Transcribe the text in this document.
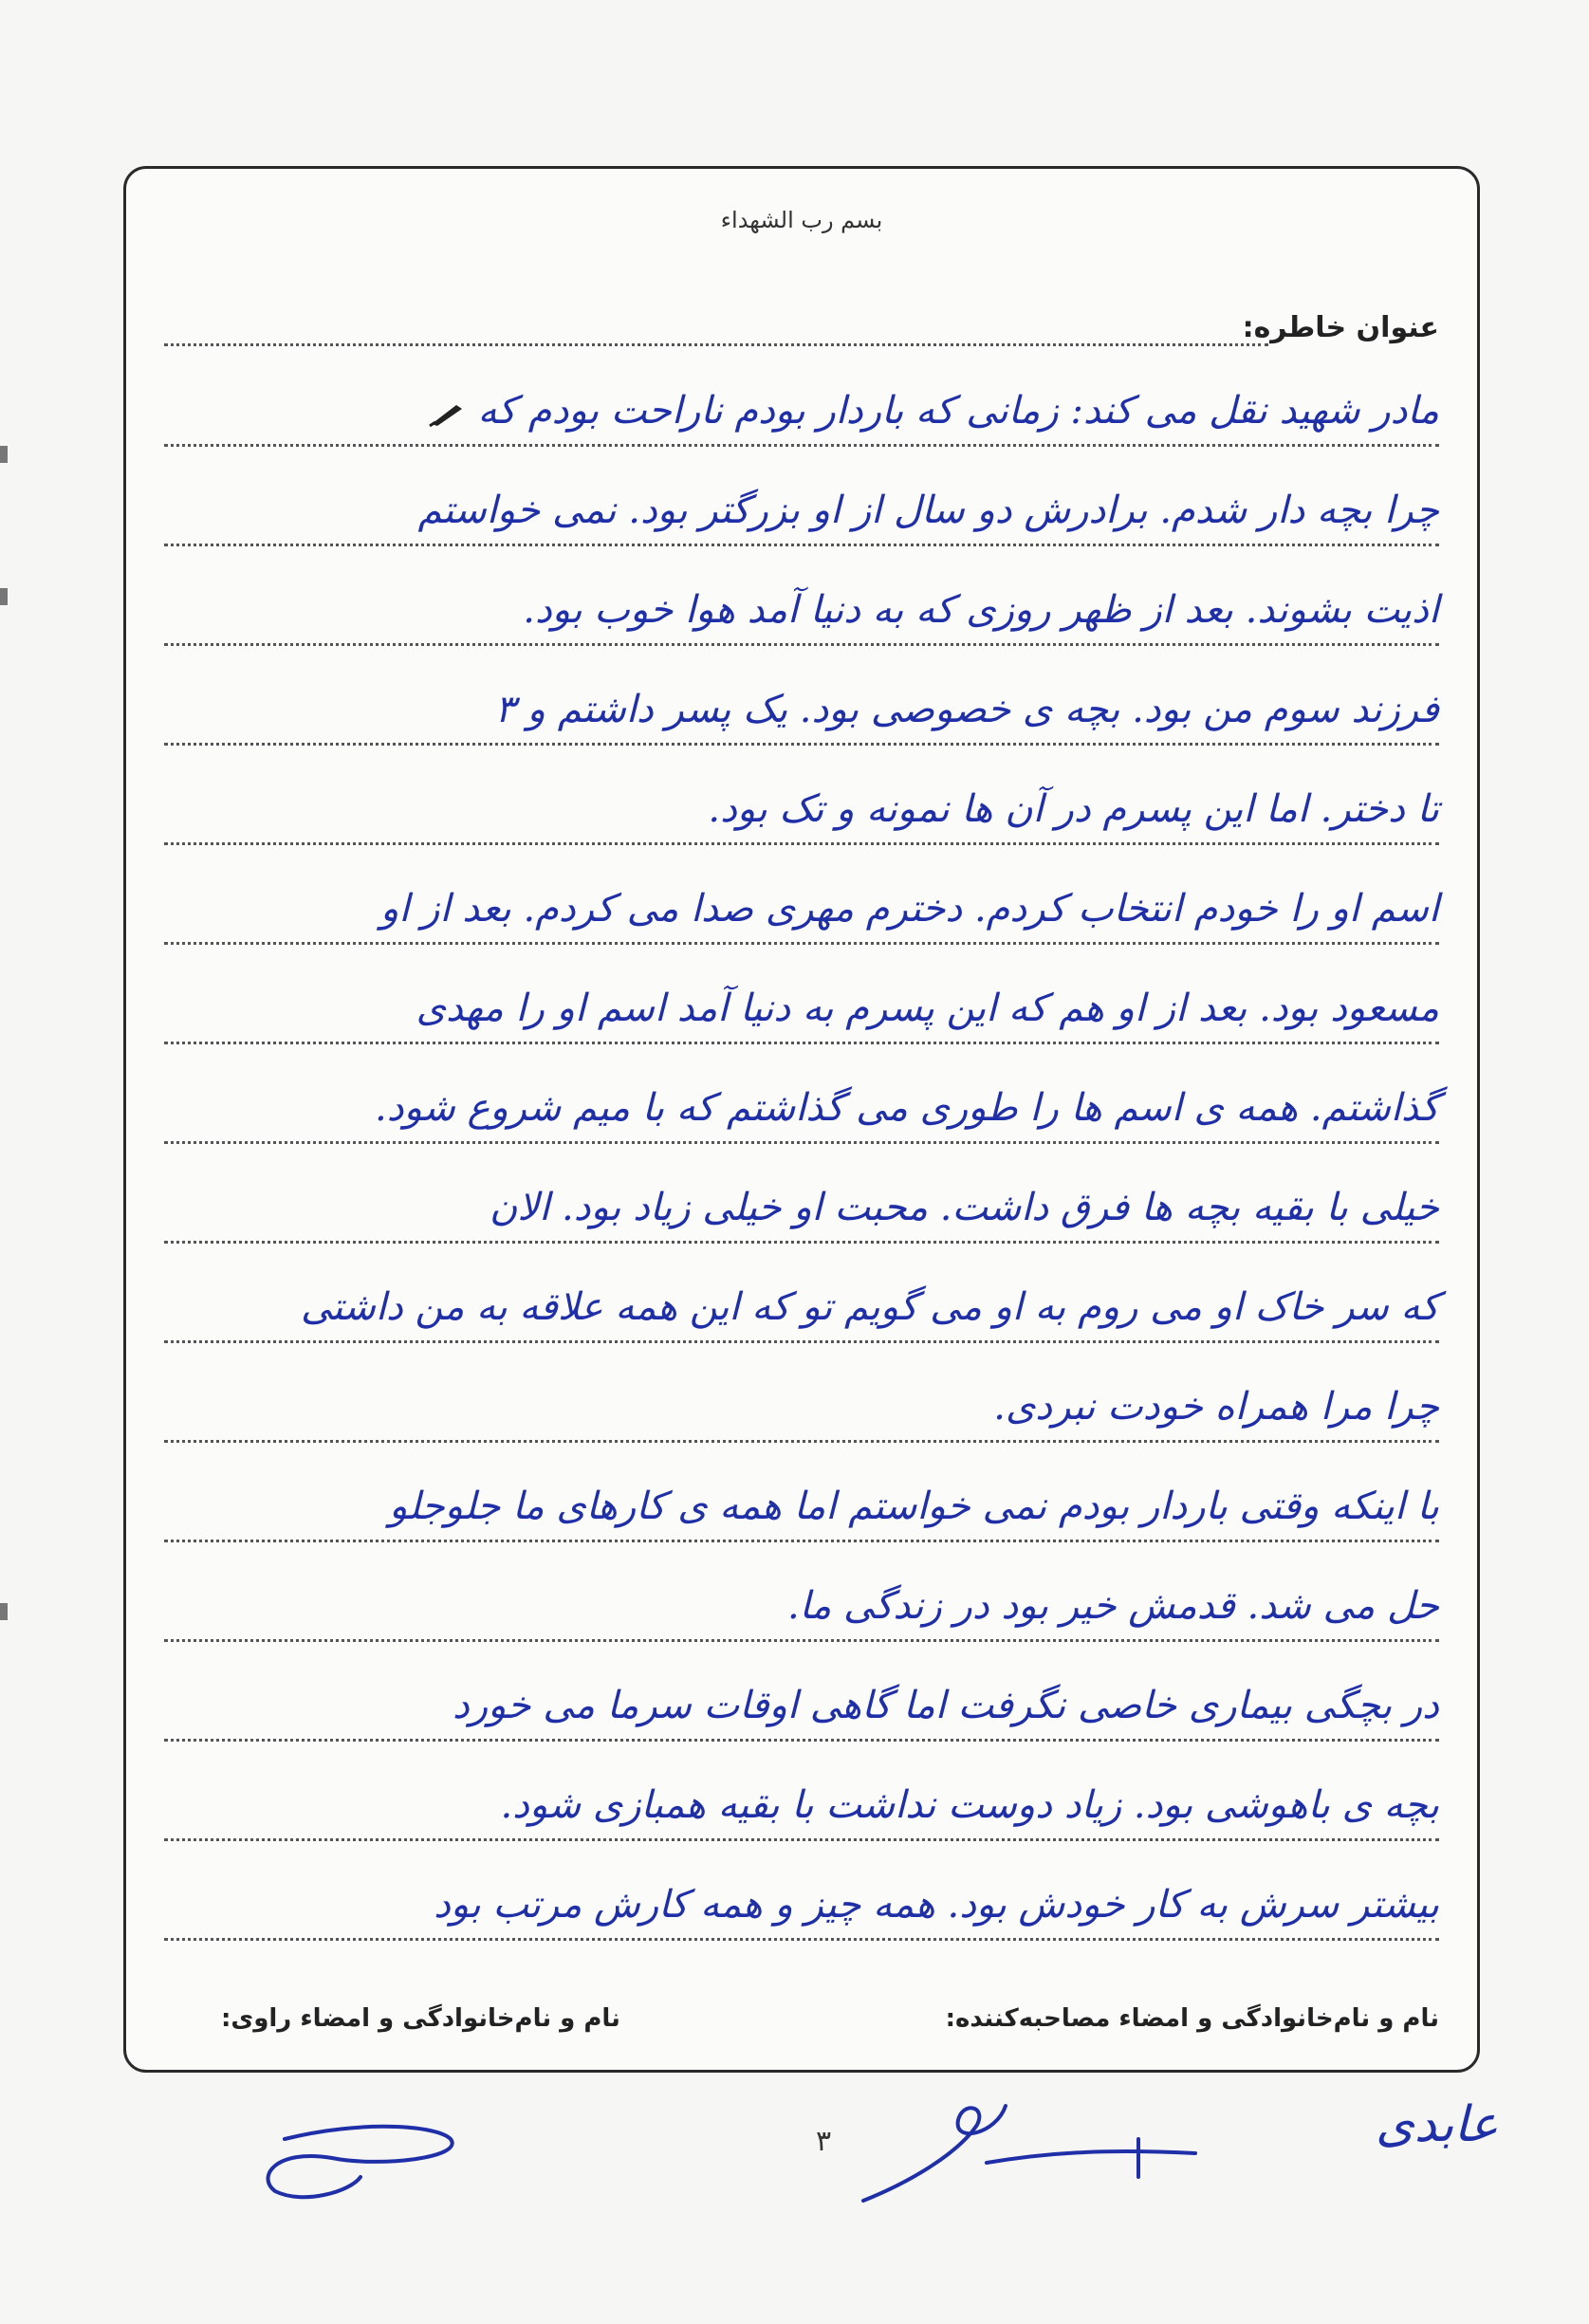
بسم رب الشهداء
عنوان خاطره:
مادر شهید نقل می کند: زمانی که باردار بودم ناراحت بودم که
چرا بچه دار شدم. برادرش دو سال از او بزرگتر بود. نمی خواستم
اذیت بشوند. بعد از ظهر روزی که به دنیا آمد هوا خوب بود.
فرزند سوم من بود. بچه ی خصوصی بود. یک پسر داشتم و ۳
تا دختر. اما این پسرم در آن ها نمونه و تک بود.
اسم او را خودم انتخاب کردم. دخترم مهری صدا می کردم. بعد از او
مسعود بود. بعد از او هم که این پسرم به دنیا آمد اسم او را مهدی
گذاشتم. همه ی اسم ها را طوری می گذاشتم که با میم شروع شود.
خیلی با بقیه بچه ها فرق داشت. محبت او خیلی زیاد بود. الان
که سر خاک او می روم به او می گویم تو که این همه علاقه به من داشتی
چرا مرا همراه خودت نبردی.
با اینکه وقتی باردار بودم نمی خواستم اما همه ی کارهای ما جلوجلو
حل می شد. قدمش خیر بود در زندگی ما.
در بچگی بیماری خاصی نگرفت اما گاهی اوقات سرما می خورد
بچه ی باهوشی بود. زیاد دوست نداشت با بقیه همبازی شود.
بیشتر سرش به کار خودش بود. همه چیز و همه کارش مرتب بود
نام و نام‌خانوادگی و امضاء مصاحبه‌کننده:
نام و نام‌خانوادگی و امضاء راوی:
۳	عابدی
